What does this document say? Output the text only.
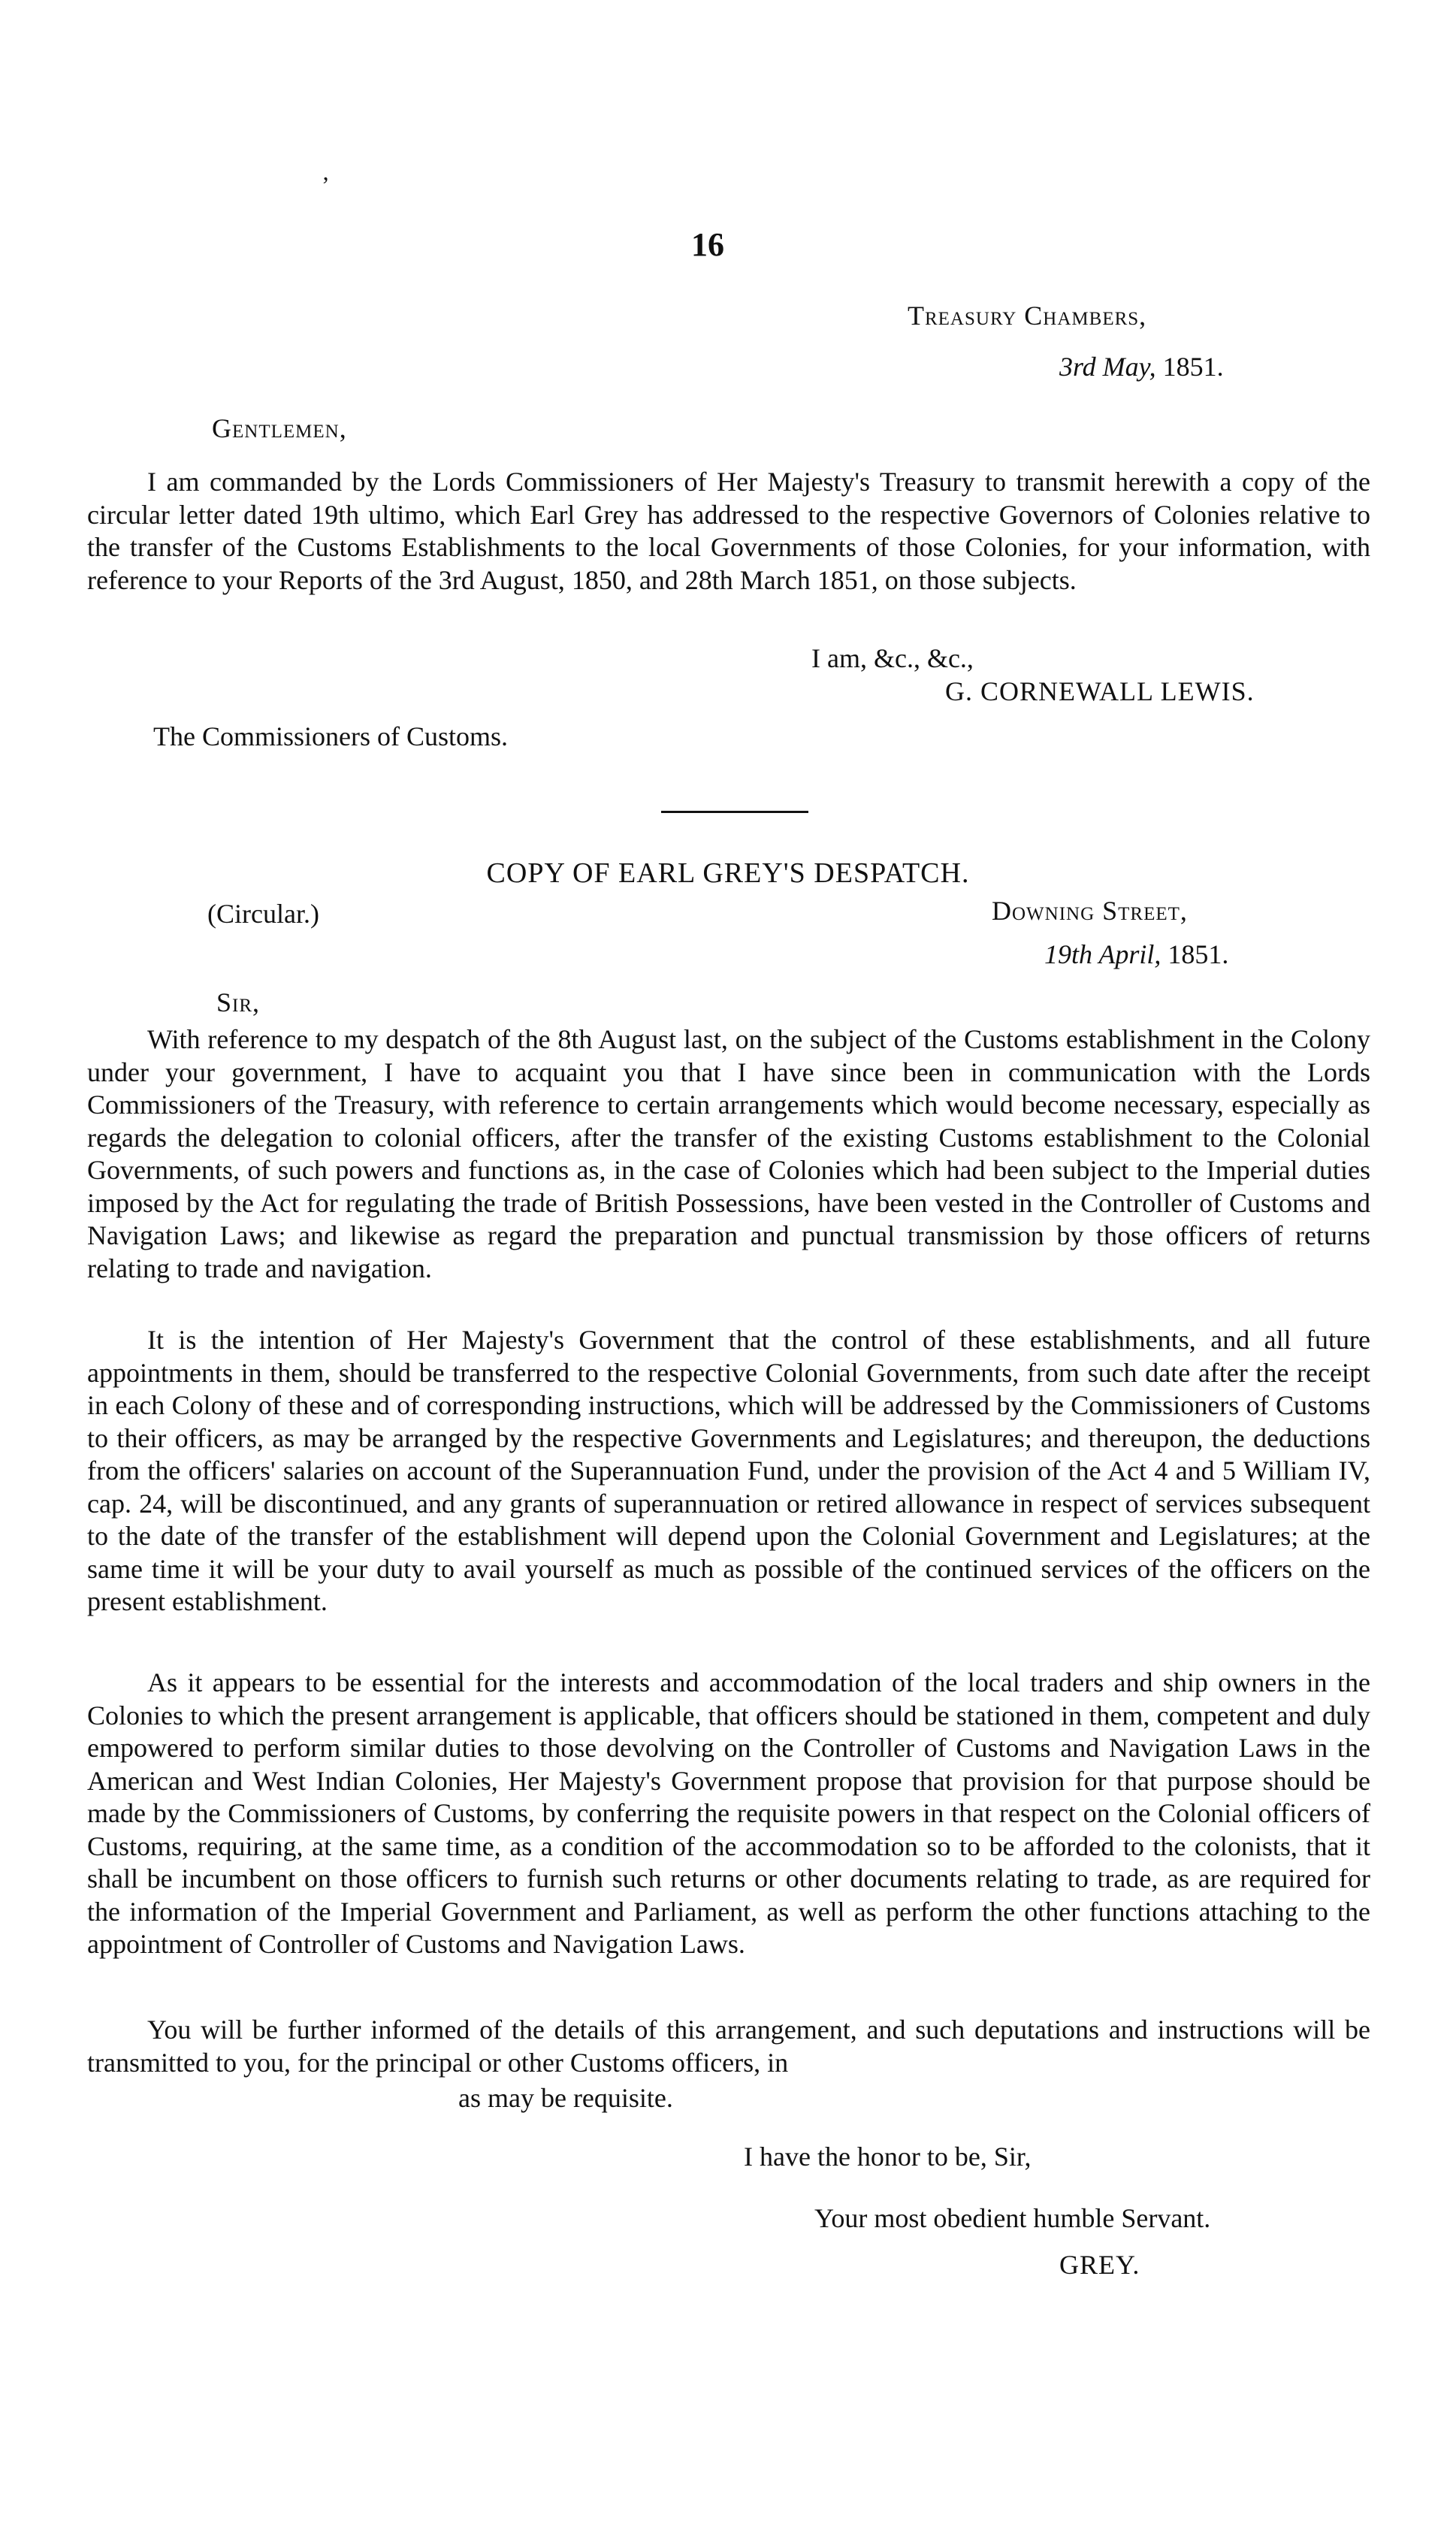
ʼ
16
Treasury Chambers,
3rd May, 1851.
Gentlemen,
I am commanded by the Lords Commissioners of Her Majesty's Treasury to transmit herewith a copy of the circular letter dated 19th ultimo, which Earl Grey has addressed to the respective Governors of Colonies relative to the transfer of the Customs Establishments to the local Governments of those Colonies, for your information, with reference to your Reports of the 3rd August, 1850, and 28th March 1851, on those subjects.
I am, &c., &c.,
G. CORNEWALL LEWIS.
The Commissioners of Customs.
COPY OF EARL GREY'S DESPATCH.
(Circular.)	Downing Street,
19th April, 1851.
Sir,
With reference to my despatch of the 8th August last, on the subject of the Customs establishment in the Colony under your government, I have to acquaint you that I have since been in communication with the Lords Commissioners of the Treasury, with reference to certain arrangements which would become necessary, especially as regards the delegation to colonial officers, after the transfer of the existing Customs establishment to the Colonial Governments, of such powers and functions as, in the case of Colonies which had been subject to the Imperial duties imposed by the Act for regulating the trade of British Possessions, have been vested in the Controller of Customs and Navigation Laws; and likewise as regard the preparation and punctual transmission by those officers of returns relating to trade and navigation.
It is the intention of Her Majesty's Government that the control of these establishments, and all future appointments in them, should be transferred to the respective Colonial Governments, from such date after the receipt in each Colony of these and of corresponding instructions, which will be addressed by the Commissioners of Customs to their officers, as may be arranged by the respective Governments and Legislatures; and thereupon, the deductions from the officers' salaries on account of the Superannuation Fund, under the provision of the Act 4 and 5 William IV, cap. 24, will be discontinued, and any grants of superannuation or retired allowance in respect of services subsequent to the date of the transfer of the establishment will depend upon the Colonial Government and Legislatures; at the same time it will be your duty to avail yourself as much as possible of the continued services of the officers on the present establishment.
As it appears to be essential for the interests and accommodation of the local traders and ship owners in the Colonies to which the present arrangement is applicable, that officers should be stationed in them, competent and duly empowered to perform similar duties to those devolving on the Controller of Customs and Navigation Laws in the American and West Indian Colonies, Her Majesty's Government propose that provision for that purpose should be made by the Commissioners of Customs, by conferring the requisite powers in that respect on the Colonial officers of Customs, requiring, at the same time, as a condition of the accommodation so to be afforded to the colonists, that it shall be incumbent on those officers to furnish such returns or other documents relating to trade, as are required for the information of the Imperial Government and Parliament, as well as perform the other functions attaching to the appointment of Controller of Customs and Navigation Laws.
You will be further informed of the details of this arrangement, and such deputations and instructions will be transmitted to you, for the principal or other Customs officers, in
as may be requisite.
I have the honor to be, Sir,
Your most obedient humble Servant.
GREY.
